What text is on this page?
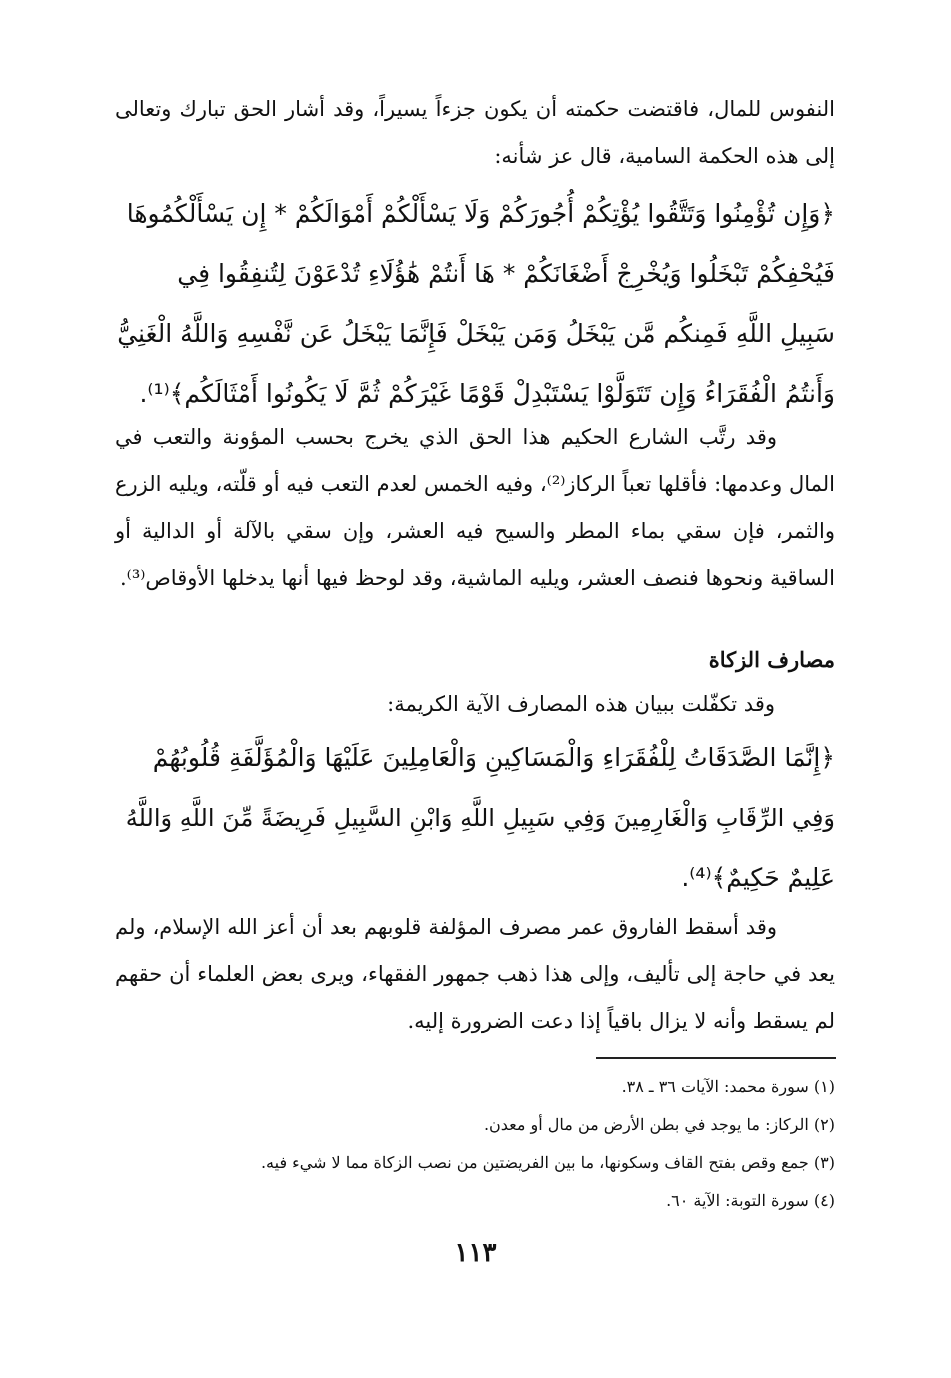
النفوس للمال، فاقتضت حكمته أن يكون جزءاً يسيراً، وقد أشار الحق تبارك وتعالى إلى هذه الحكمة السامية، قال عز شأنه:
﴿وَإِن تُؤْمِنُوا وَتَتَّقُوا يُؤْتِكُمْ أُجُورَكُمْ وَلَا يَسْأَلْكُمْ أَمْوَالَكُمْ * إِن يَسْأَلْكُمُوهَا
فَيُحْفِكُمْ تَبْخَلُوا وَيُخْرِجْ أَضْغَانَكُمْ * هَا أَنتُمْ هَٰؤُلَاءِ تُدْعَوْنَ لِتُنفِقُوا فِي
سَبِيلِ اللَّهِ فَمِنكُم مَّن يَبْخَلُ وَمَن يَبْخَلْ فَإِنَّمَا يَبْخَلُ عَن نَّفْسِهِ وَاللَّهُ الْغَنِيُّ
وَأَنتُمُ الْفُقَرَاءُ وَإِن تَتَوَلَّوْا يَسْتَبْدِلْ قَوْمًا غَيْرَكُمْ ثُمَّ لَا يَكُونُوا أَمْثَالَكُم﴾⁽¹⁾.
وقد رتَّب الشارع الحكيم هذا الحق الذي يخرج بحسب المؤونة والتعب في المال وعدمها: فأقلها تعباً الركاز⁽²⁾، وفيه الخمس لعدم التعب فيه أو قلّته، ويليه الزرع والثمر، فإن سقي بماء المطر والسيح فيه العشر، وإن سقي بالآلة أو الدالية أو الساقية ونحوها فنصف العشر، ويليه الماشية، وقد لوحظ فيها أنها يدخلها الأوقاص⁽³⁾.
مصارف الزكاة
وقد تكفّلت ببيان هذه المصارف الآية الكريمة:
﴿إِنَّمَا الصَّدَقَاتُ لِلْفُقَرَاءِ وَالْمَسَاكِينِ وَالْعَامِلِينَ عَلَيْهَا وَالْمُؤَلَّفَةِ قُلُوبُهُمْ
وَفِي الرِّقَابِ وَالْغَارِمِينَ وَفِي سَبِيلِ اللَّهِ وَابْنِ السَّبِيلِ فَرِيضَةً مِّنَ اللَّهِ وَاللَّهُ
عَلِيمٌ حَكِيمٌ﴾⁽⁴⁾.
وقد أسقط الفاروق عمر مصرف المؤلفة قلوبهم بعد أن أعز الله الإسلام، ولم يعد في حاجة إلى تأليف، وإلى هذا ذهب جمهور الفقهاء، ويرى بعض العلماء أن حقهم لم يسقط وأنه لا يزال باقياً إذا دعت الضرورة إليه.
(١) سورة محمد: الآيات ٣٦ ـ ٣٨.
(٢) الركاز: ما يوجد في بطن الأرض من مال أو معدن.
(٣) جمع وقص بفتح القاف وسكونها، ما بين الفريضتين من نصب الزكاة مما لا شيء فيه.
(٤) سورة التوبة: الآية ٦٠.
١١٣
